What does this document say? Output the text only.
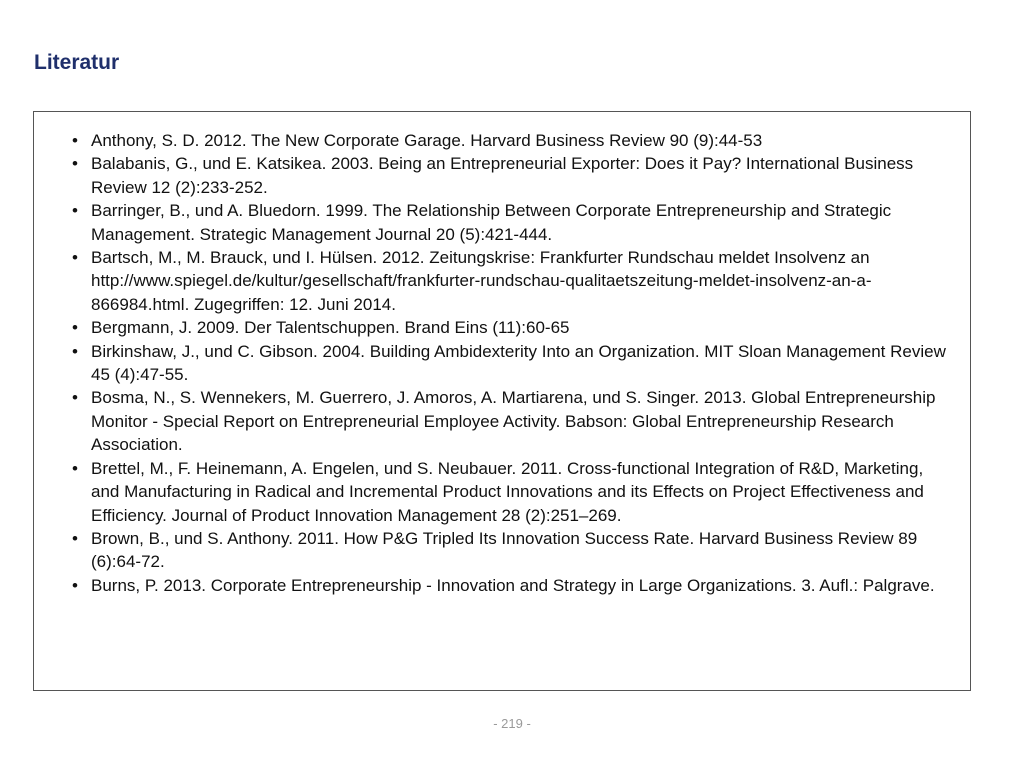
Literatur
• Anthony, S. D. 2012. The New Corporate Garage. Harvard Business Review 90 (9):44-53
• Balabanis, G., und E. Katsikea. 2003. Being an Entrepreneurial Exporter: Does it Pay? International Business Review 12 (2):233-252.
• Barringer, B., und A. Bluedorn. 1999. The Relationship Between Corporate Entrepreneurship and Strategic Management. Strategic Management Journal 20 (5):421-444.
• Bartsch, M., M. Brauck, und I. Hülsen. 2012. Zeitungskrise: Frankfurter Rundschau meldet Insolvenz an http://www.spiegel.de/kultur/gesellschaft/frankfurter-rundschau-qualitaetszeitung-meldet-insolvenz-an-a-866984.html. Zugegriffen: 12. Juni 2014.
• Bergmann, J. 2009. Der Talentschuppen. Brand Eins (11):60-65
• Birkinshaw, J., und C. Gibson. 2004. Building Ambidexterity Into an Organization. MIT Sloan Management Review 45 (4):47-55.
• Bosma, N., S. Wennekers, M. Guerrero, J. Amoros, A. Martiarena, und S. Singer. 2013. Global Entrepreneurship Monitor - Special Report on Entrepreneurial Employee Activity. Babson: Global Entrepreneurship Research Association.
• Brettel, M., F. Heinemann, A. Engelen, und S. Neubauer. 2011. Cross-functional Integration of R&D, Marketing, and Manufacturing in Radical and Incremental Product Innovations and its Effects on Project Effectiveness and Efficiency. Journal of Product Innovation Management 28 (2):251–269.
• Brown, B., und S. Anthony. 2011. How P&G Tripled Its Innovation Success Rate. Harvard Business Review 89 (6):64-72.
• Burns, P. 2013. Corporate Entrepreneurship - Innovation and Strategy in Large Organizations. 3. Aufl.: Palgrave.
- 219 -
